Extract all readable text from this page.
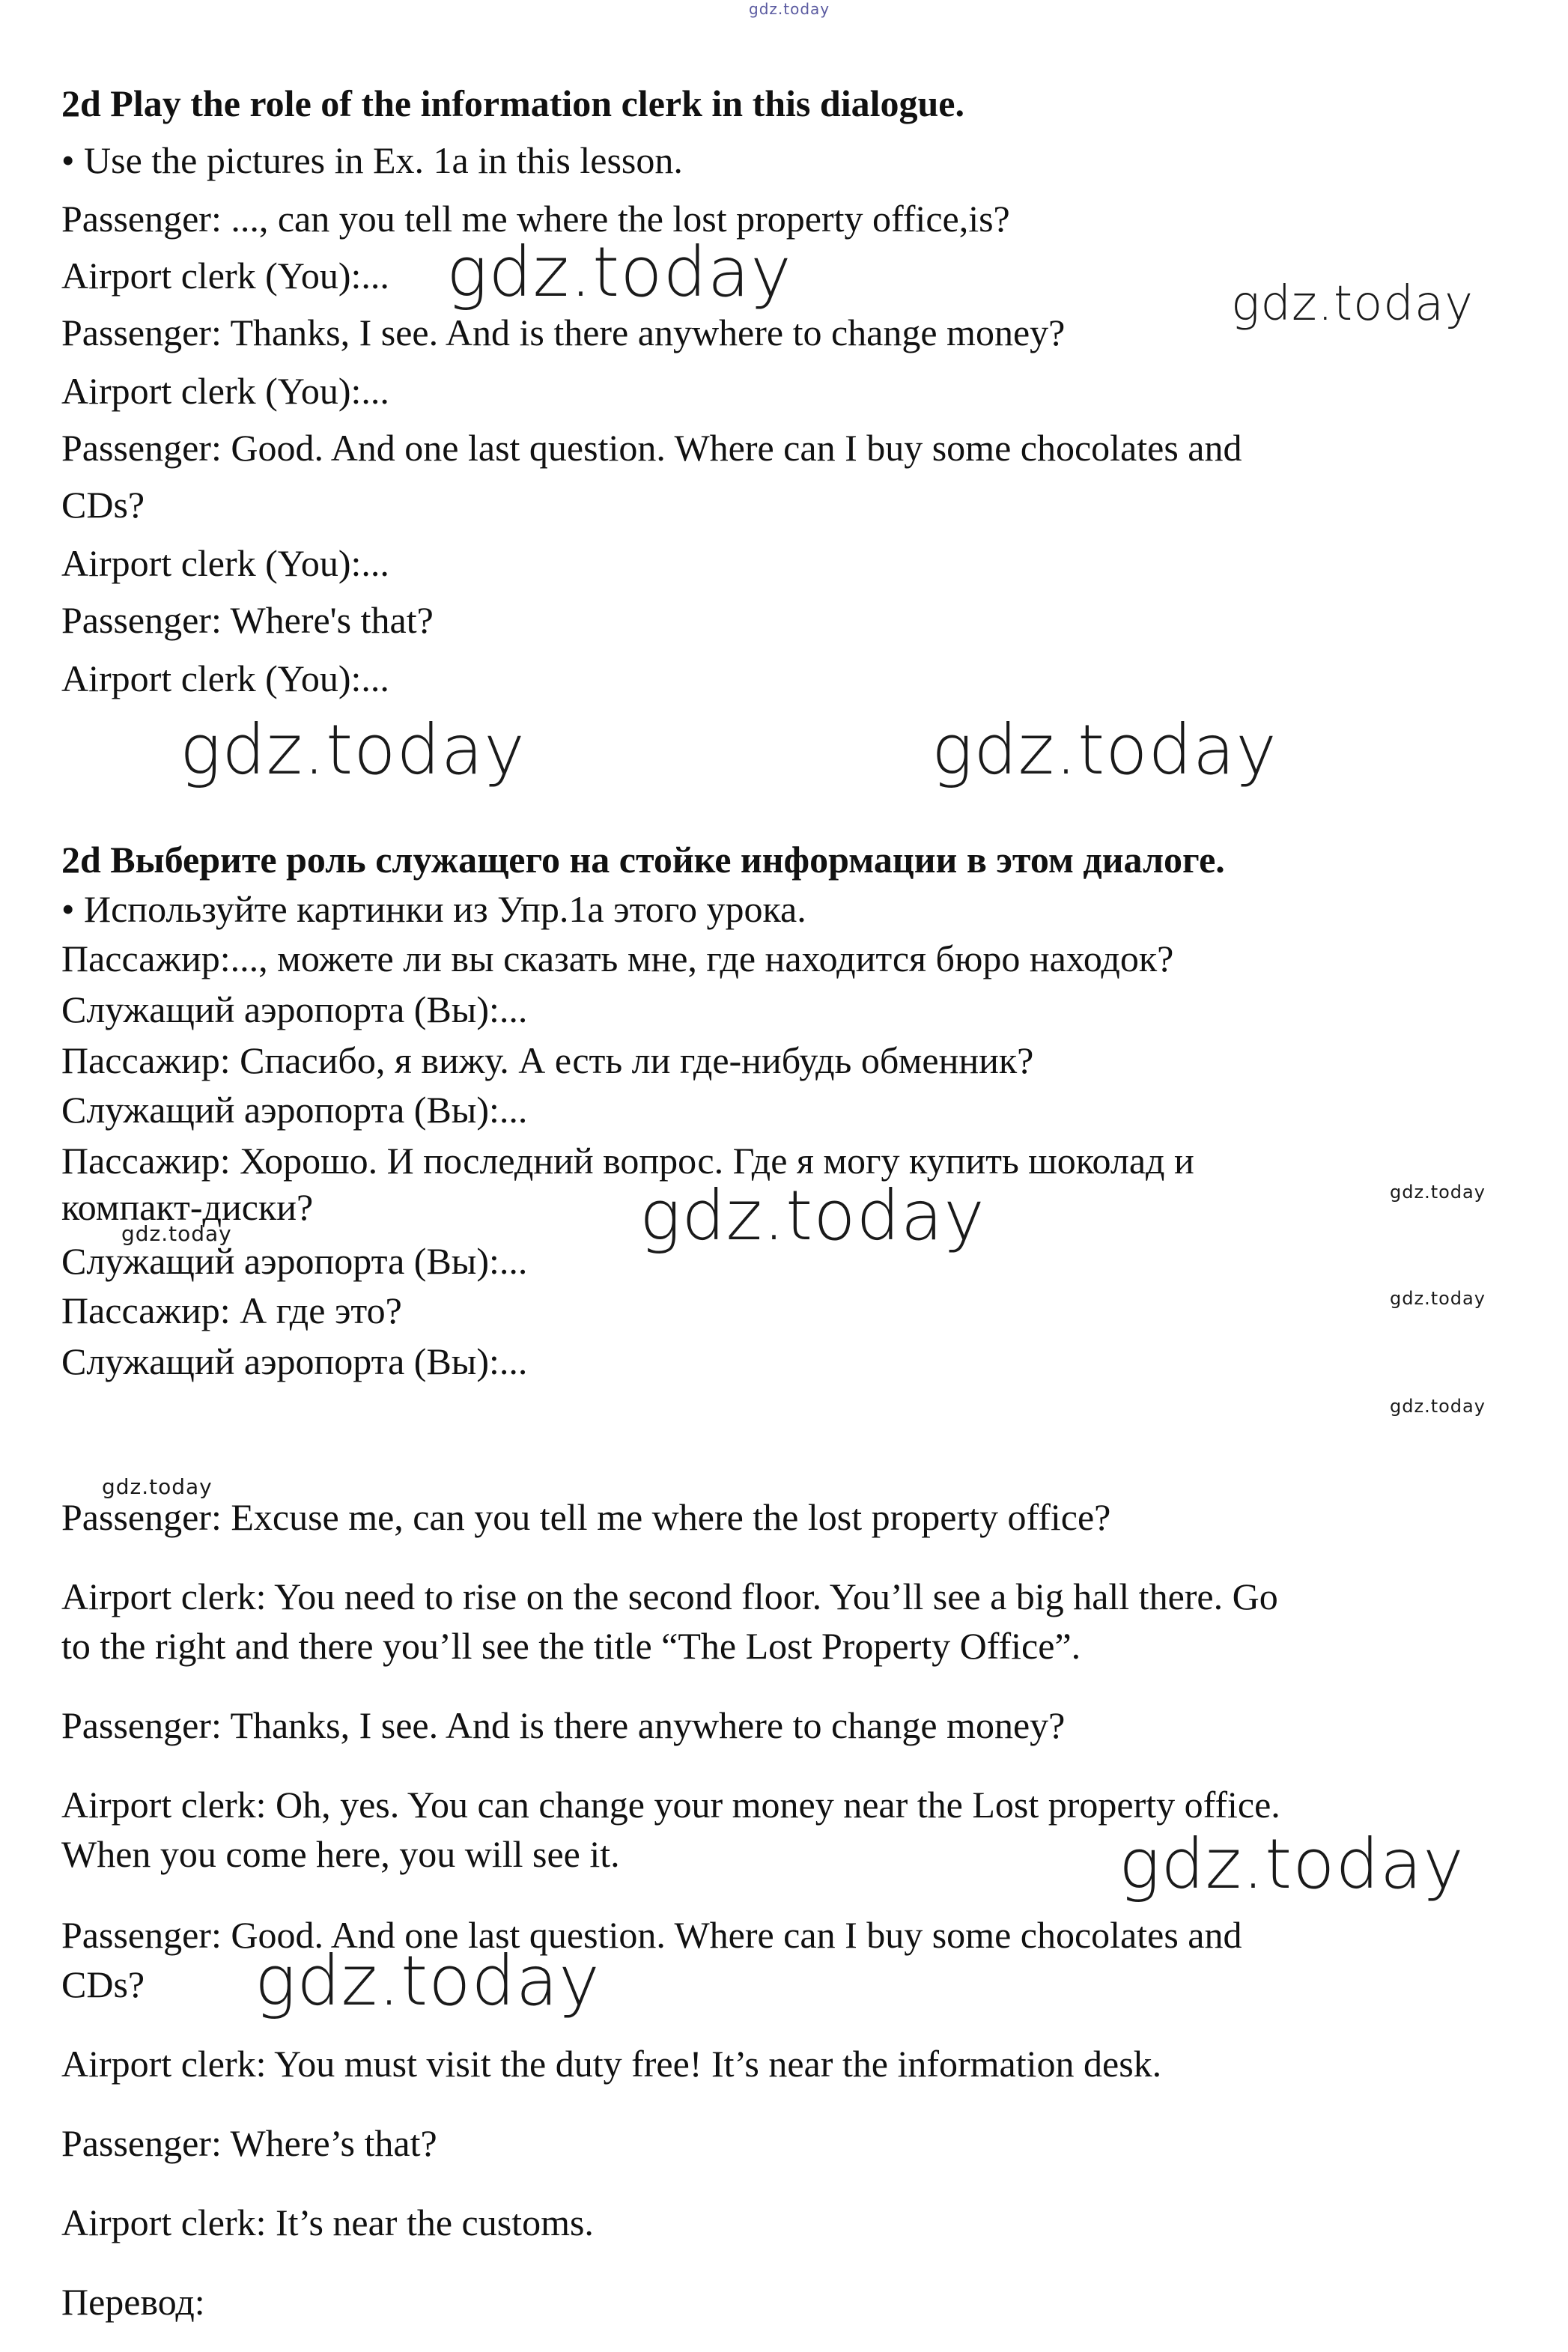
gdz.today
2d Play the role of the information clerk in this dialogue.
• Use the pictures in Ex. 1a in this lesson.
Passenger: ..., can you tell me where the lost property office,is?
Airport clerk (You):...
Passenger: Thanks, I see. And is there anywhere to change money?
Airport clerk (You):...
Passenger: Good. And one last question. Where can I buy some chocolates and
CDs?
Airport clerk (You):...
Passenger: Where's that?
Airport clerk (You):...
2d Выберите роль служащего на стойке информации в этом диалоге.
• Используйте картинки из Упр.1a этого урока.
Пассажир:..., можете ли вы сказать мне, где находится бюро находок?
Служащий аэропорта (Вы):...
Пассажир: Спасибо, я вижу. А есть ли где-нибудь обменник?
Служащий аэропорта (Вы):...
Пассажир: Хорошо. И последний вопрос. Где я могу купить шоколад и
компакт-диски?
Служащий аэропорта (Вы):...
Пассажир: А где это?
Служащий аэропорта (Вы):...
Passenger: Excuse me, can you tell me where the lost property office?
Airport clerk: You need to rise on the second floor. You’ll see a big hall there. Go
to the right and there you’ll see the title “The Lost Property Office”.
Passenger: Thanks, I see. And is there anywhere to change money?
Airport clerk: Oh, yes. You can change your money near the Lost property office.
When you come here, you will see it.
Passenger: Good. And one last question. Where can I buy some chocolates and
CDs?
Airport clerk: You must visit the duty free! It’s near the information desk.
Passenger: Where’s that?
Airport clerk: It’s near the customs.
Перевод:
gdz.today	gdz.today
gdz.today	gdz.today
gdz.today
gdz.today
gdz.today
gdz.today
gdz.today
gdz.today
gdz.today
gdz.today
